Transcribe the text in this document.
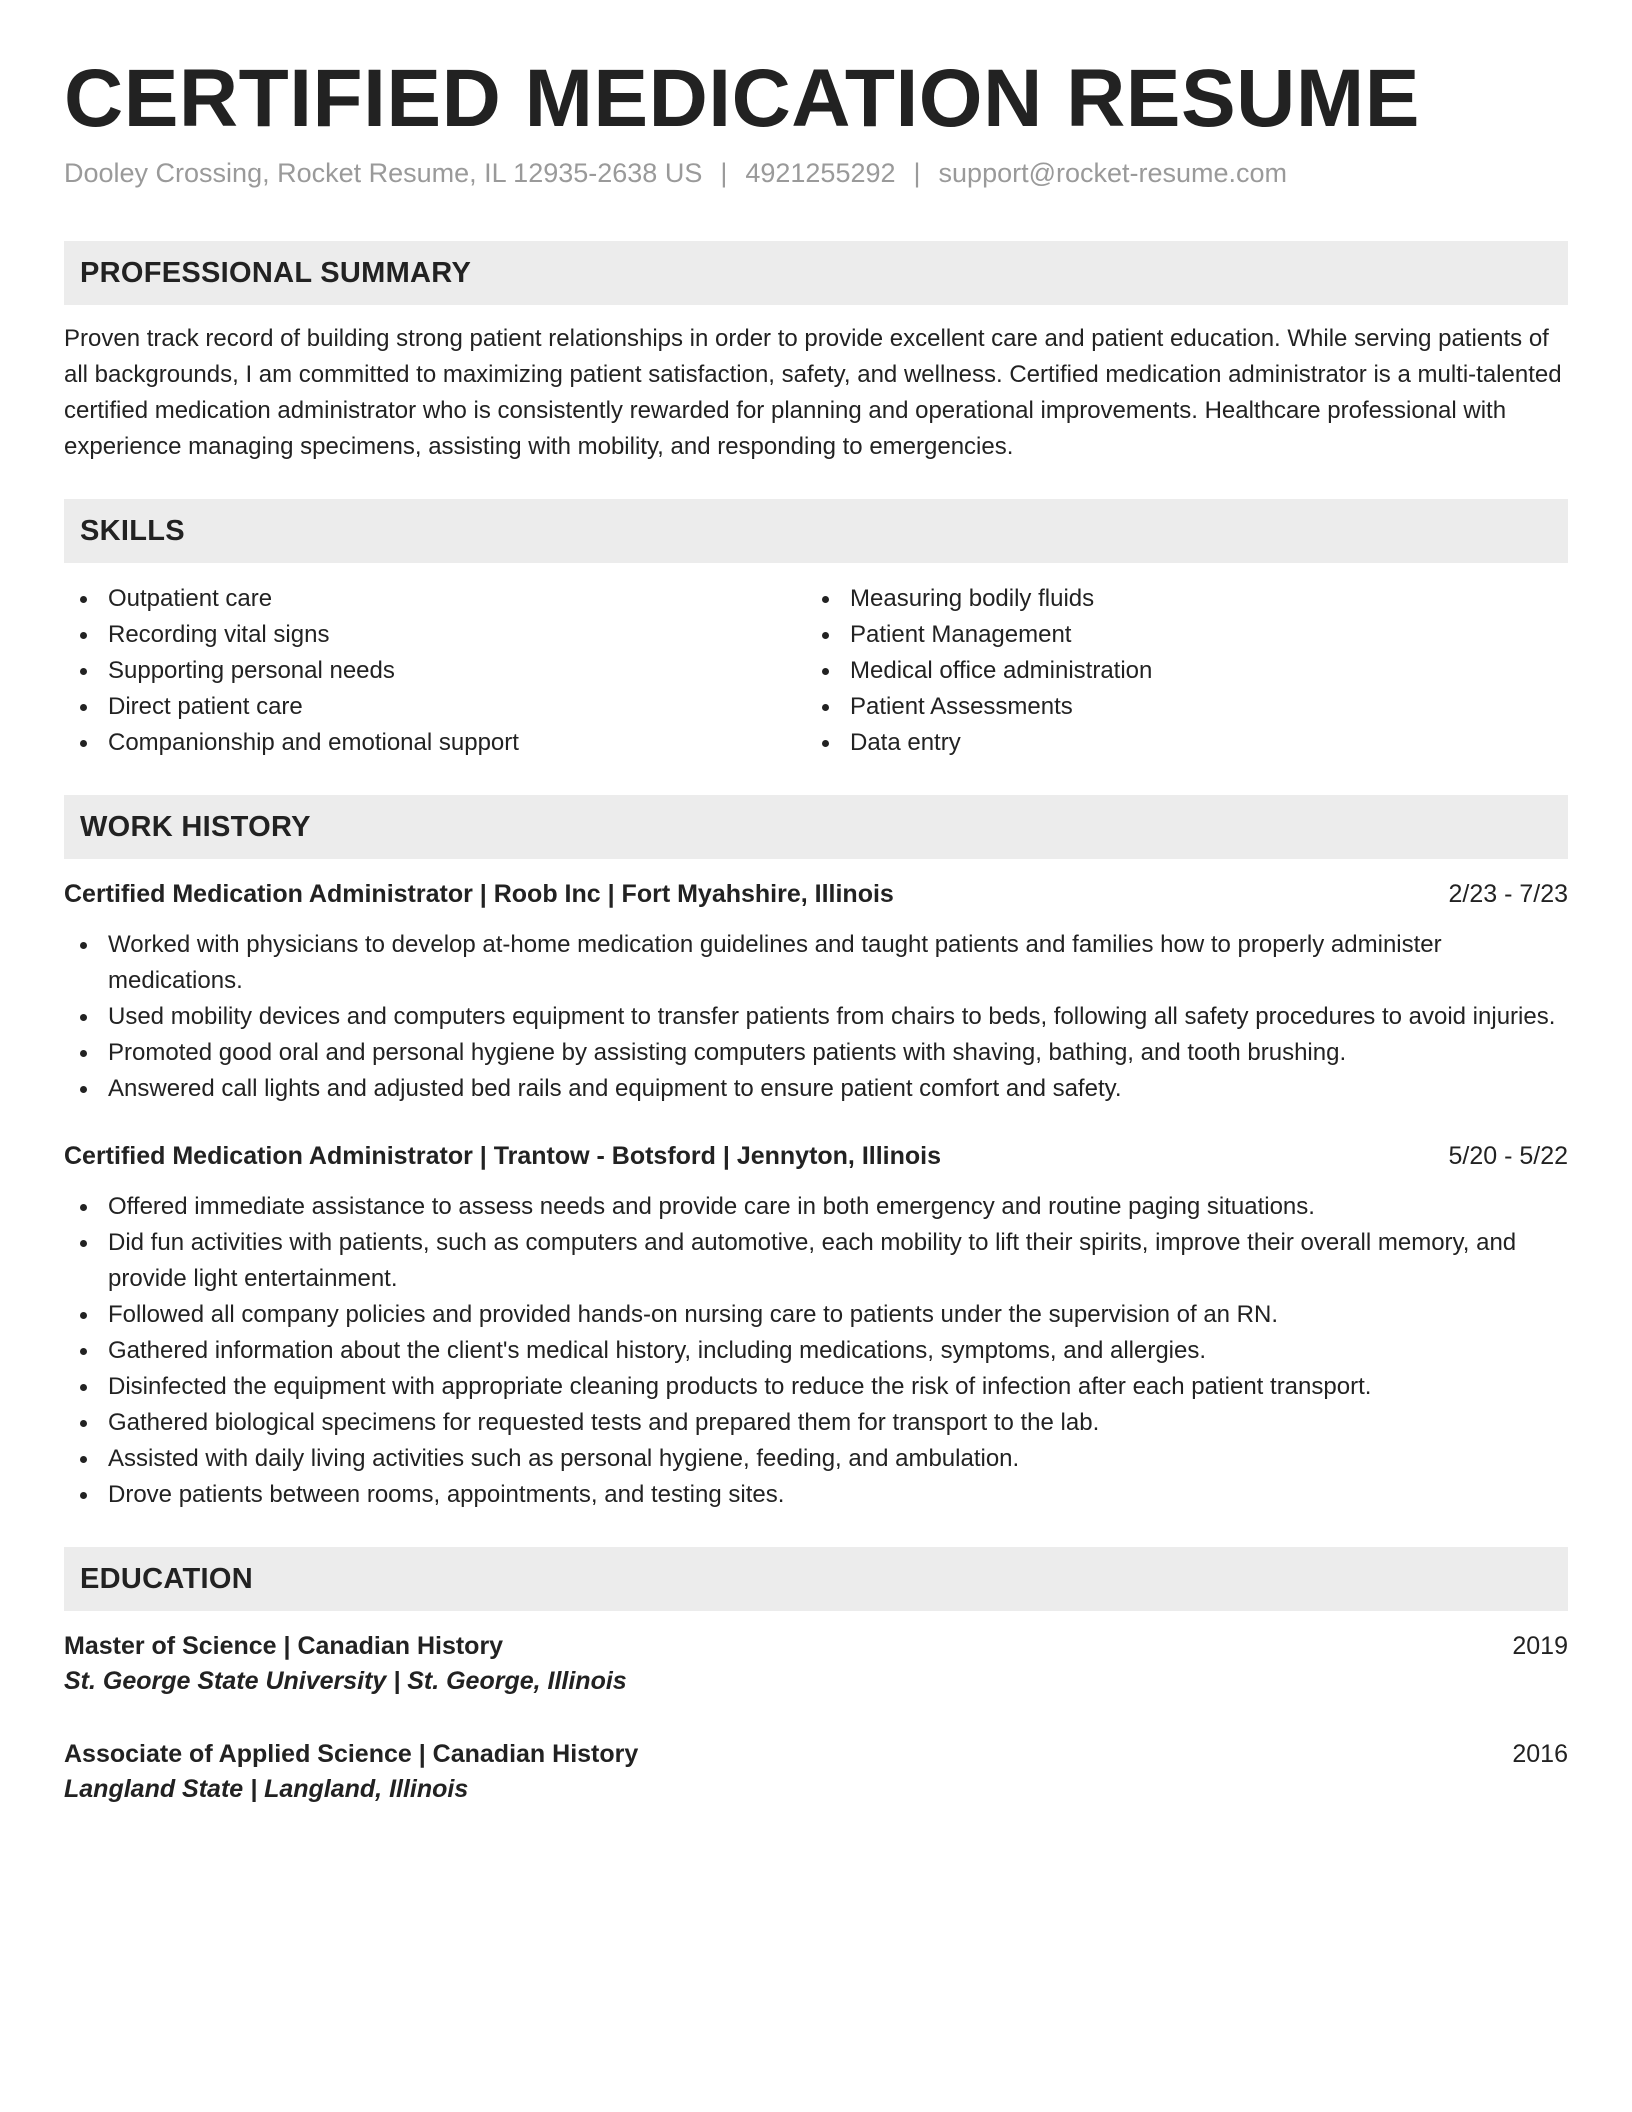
CERTIFIED MEDICATION RESUME
Dooley Crossing, Rocket Resume, IL 12935-2638 US | 4921255292 | support@rocket-resume.com
PROFESSIONAL SUMMARY

Proven track record of building strong patient relationships in order to provide excellent care and patient education. While serving patients of all backgrounds, I am committed to maximizing patient satisfaction, safety, and wellness. Certified medication administrator is a multi-talented certified medication administrator who is consistently rewarded for planning and operational improvements. Healthcare professional with experience managing specimens, assisting with mobility, and responding to emergencies.

SKILLS
Outpatient care
Recording vital signs
Supporting personal needs
Direct patient care
Companionship and emotional support
Measuring bodily fluids
Patient Management
Medical office administration
Patient Assessments
Data entry
WORK HISTORY
Certified Medication Administrator | Roob Inc | Fort Myahshire, Illinois	2/23 - 7/23
Worked with physicians to develop at-home medication guidelines and taught patients and families how to properly administer medications.
Used mobility devices and computers equipment to transfer patients from chairs to beds, following all safety procedures to avoid injuries.
Promoted good oral and personal hygiene by assisting computers patients with shaving, bathing, and tooth brushing.
Answered call lights and adjusted bed rails and equipment to ensure patient comfort and safety.
Certified Medication Administrator | Trantow - Botsford | Jennyton, Illinois	5/20 - 5/22
Offered immediate assistance to assess needs and provide care in both emergency and routine paging situations.
Did fun activities with patients, such as computers and automotive, each mobility to lift their spirits, improve their overall memory, and provide light entertainment.
Followed all company policies and provided hands-on nursing care to patients under the supervision of an RN.
Gathered information about the client's medical history, including medications, symptoms, and allergies.
Disinfected the equipment with appropriate cleaning products to reduce the risk of infection after each patient transport.
Gathered biological specimens for requested tests and prepared them for transport to the lab.
Assisted with daily living activities such as personal hygiene, feeding, and ambulation.
Drove patients between rooms, appointments, and testing sites.
EDUCATION
Master of Science | Canadian History	2019
St. George State University | St. George, Illinois
Associate of Applied Science | Canadian History	2016
Langland State | Langland, Illinois
